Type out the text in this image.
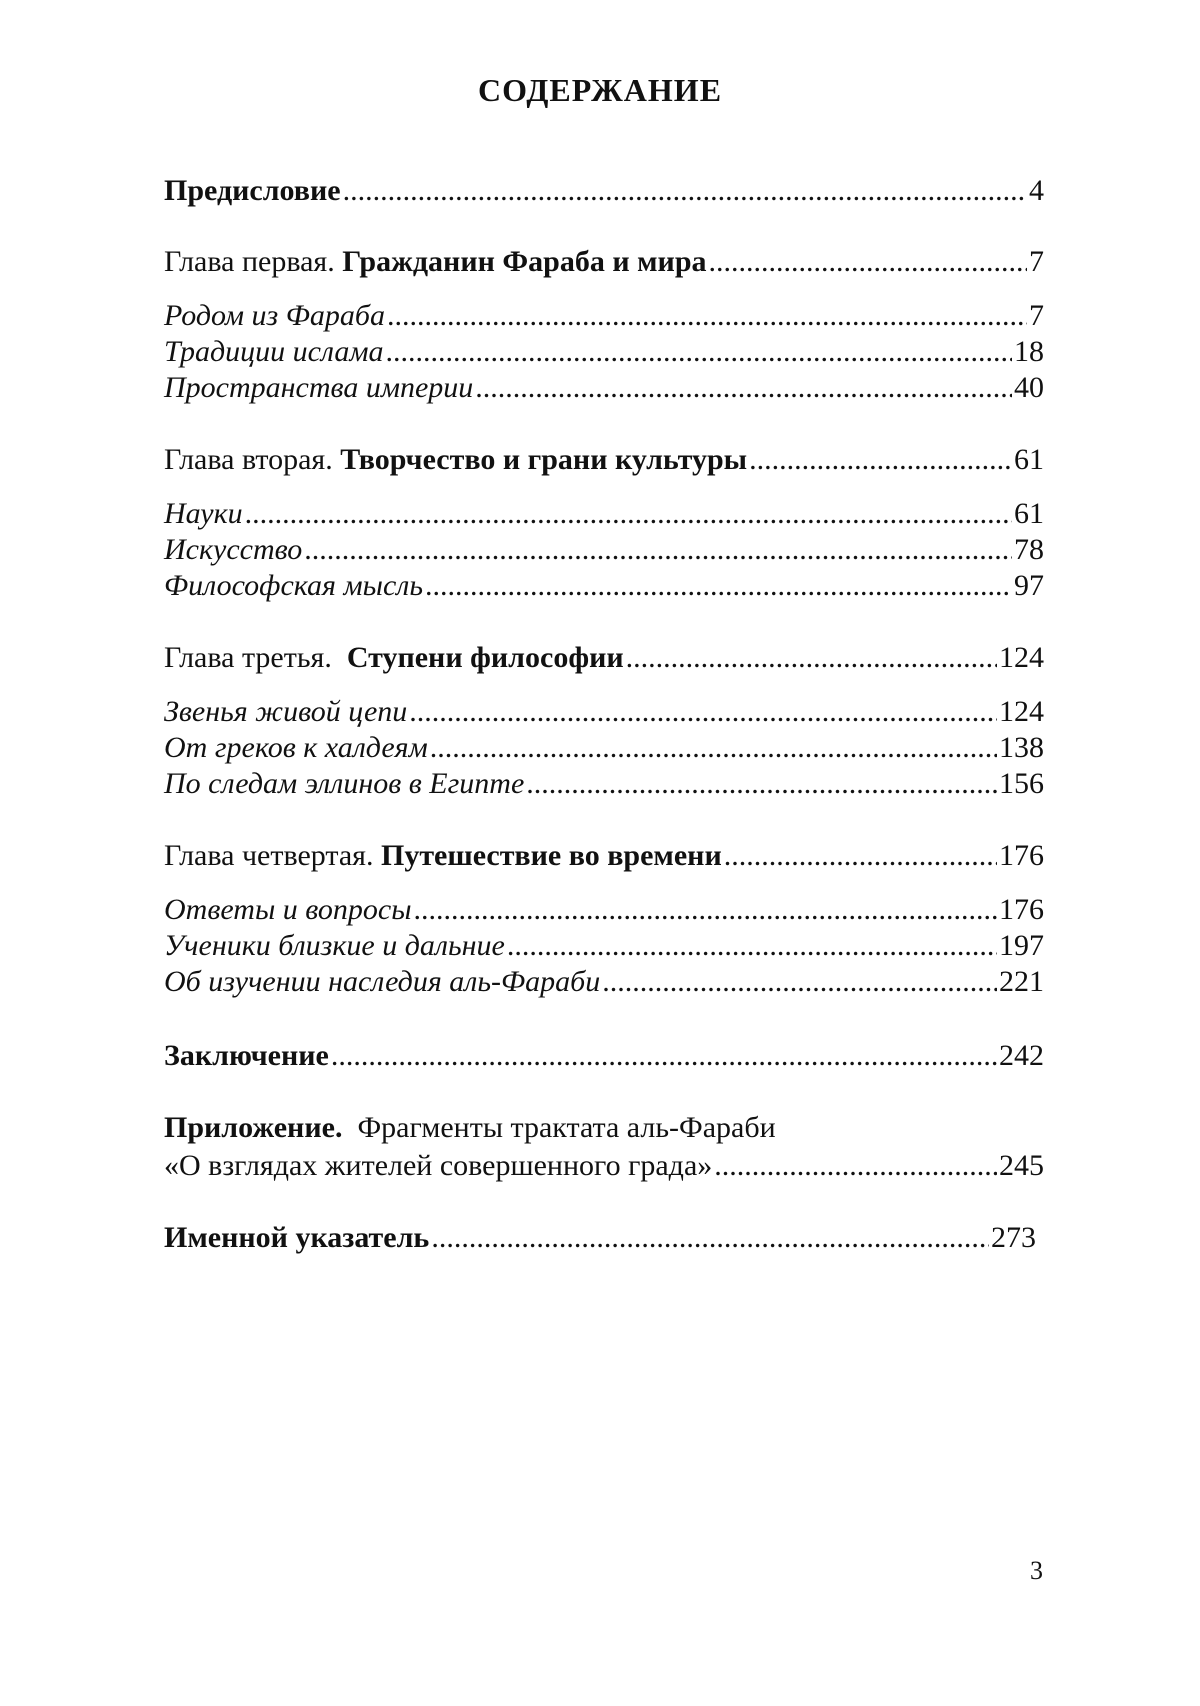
СОДЕРЖАНИЕ
Предисловие .....	4
Глава первая. Гражданин Фараба и мира .....	7
Родом из Фараба .....	7
Традиции ислама .....	18
Пространства империи .....	40
Глава вторая. Творчество и грани культуры .....	61
Науки .....	61
Искусство .....	78
Философская мысль .....	97
Глава третья. Ступени философии .....	124
Звенья живой цепи .....	124
От греков к халдеям .....	138
По следам эллинов в Египте .....	156
Глава четвертая. Путешествие во времени .....	176
Ответы и вопросы .....	176
Ученики близкие и дальние .....	197
Об изучении наследия аль-Фараби .....	221
Заключение .....	242
Приложение. Фрагменты трактата аль-Фараби
«О взглядах жителей совершенного града» .....	245
Именной указатель .....	273
3
